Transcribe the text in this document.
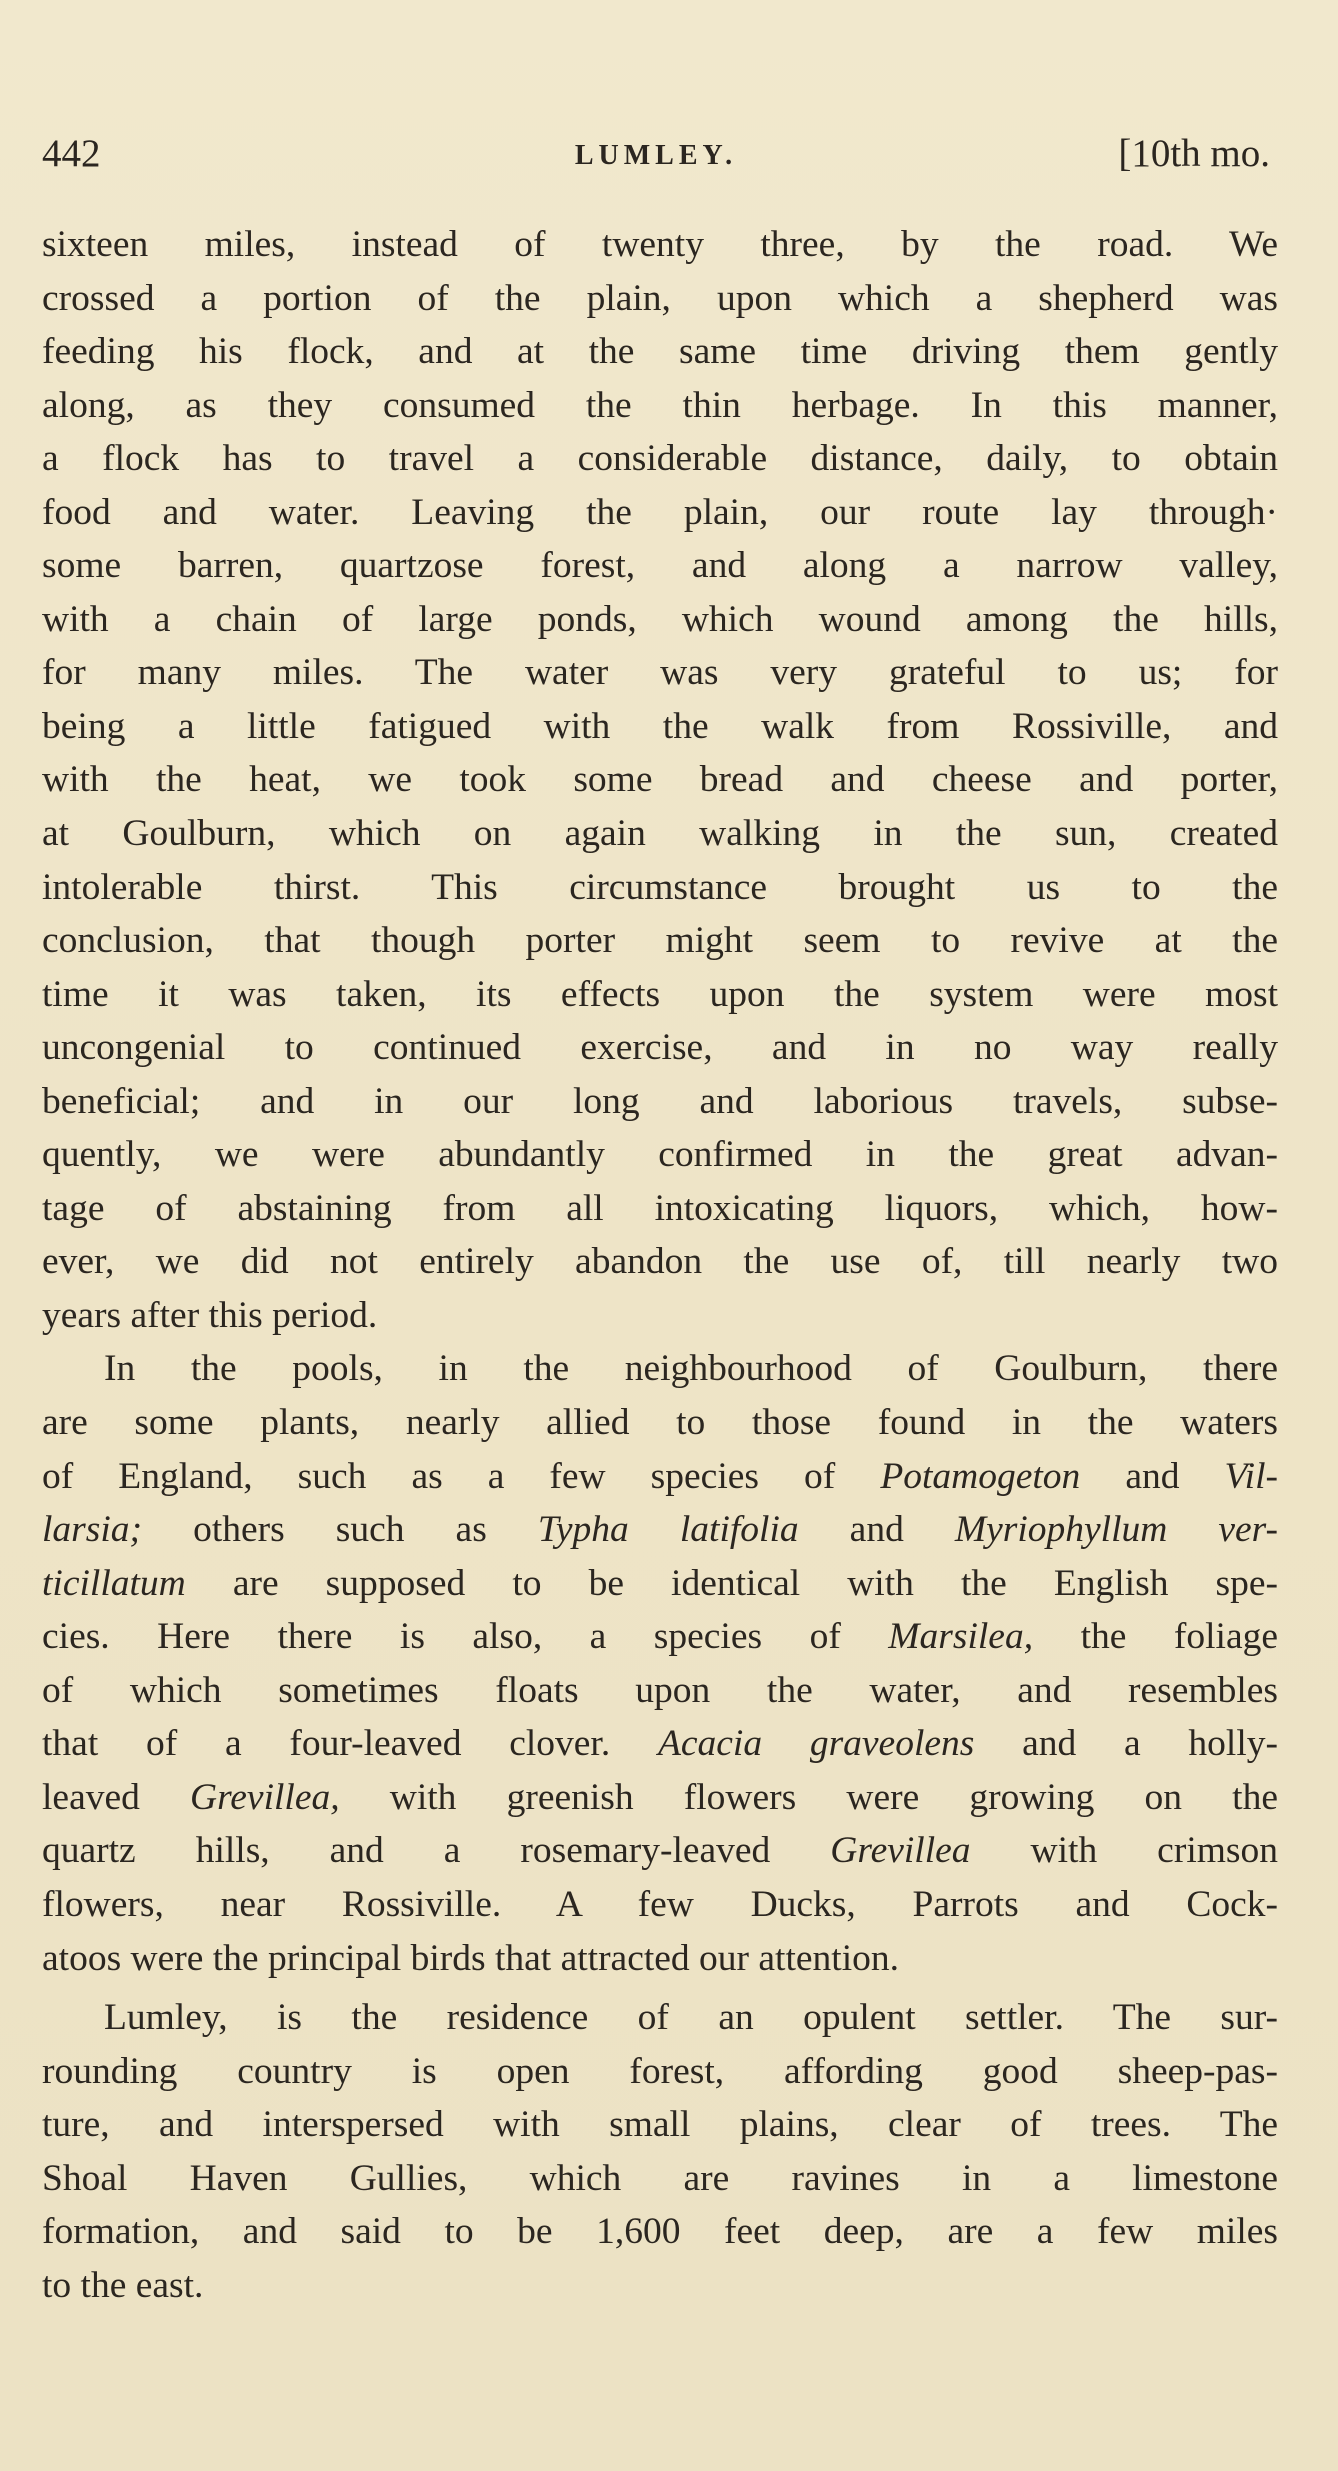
442	LUMLEY.	[10th mo.
sixteen miles, instead of twenty three, by the road. We
crossed a portion of the plain, upon which a shepherd was
feeding his flock, and at the same time driving them gently
along, as they consumed the thin herbage. In this manner,
a flock has to travel a considerable distance, daily, to obtain
food and water. Leaving the plain, our route lay through·
some barren, quartzose forest, and along a narrow valley,
with a chain of large ponds, which wound among the hills,
for many miles. The water was very grateful to us; for
being a little fatigued with the walk from Rossiville, and
with the heat, we took some bread and cheese and porter,
at Goulburn, which on again walking in the sun, created
intolerable thirst. This circumstance brought us to the
conclusion, that though porter might seem to revive at the
time it was taken, its effects upon the system were most
uncongenial to continued exercise, and in no way really
beneficial; and in our long and laborious travels, subse-
quently, we were abundantly confirmed in the great advan-
tage of abstaining from all intoxicating liquors, which, how-
ever, we did not entirely abandon the use of, till nearly two
years after this period.
In the pools, in the neighbourhood of Goulburn, there
are some plants, nearly allied to those found in the waters
of England, such as a few species of Potamogeton and Vil-
larsia; others such as Typha latifolia and Myriophyllum ver-
ticillatum are supposed to be identical with the English spe-
cies. Here there is also, a species of Marsilea, the foliage
of which sometimes floats upon the water, and resembles
that of a four-leaved clover. Acacia graveolens and a holly-
leaved Grevillea, with greenish flowers were growing on the
quartz hills, and a rosemary-leaved Grevillea with crimson
flowers, near Rossiville. A few Ducks, Parrots and Cock-
atoos were the principal birds that attracted our attention.
Lumley, is the residence of an opulent settler. The sur-
rounding country is open forest, affording good sheep-pas-
ture, and interspersed with small plains, clear of trees. The
Shoal Haven Gullies, which are ravines in a limestone
formation, and said to be 1,600 feet deep, are a few miles
to the east.
